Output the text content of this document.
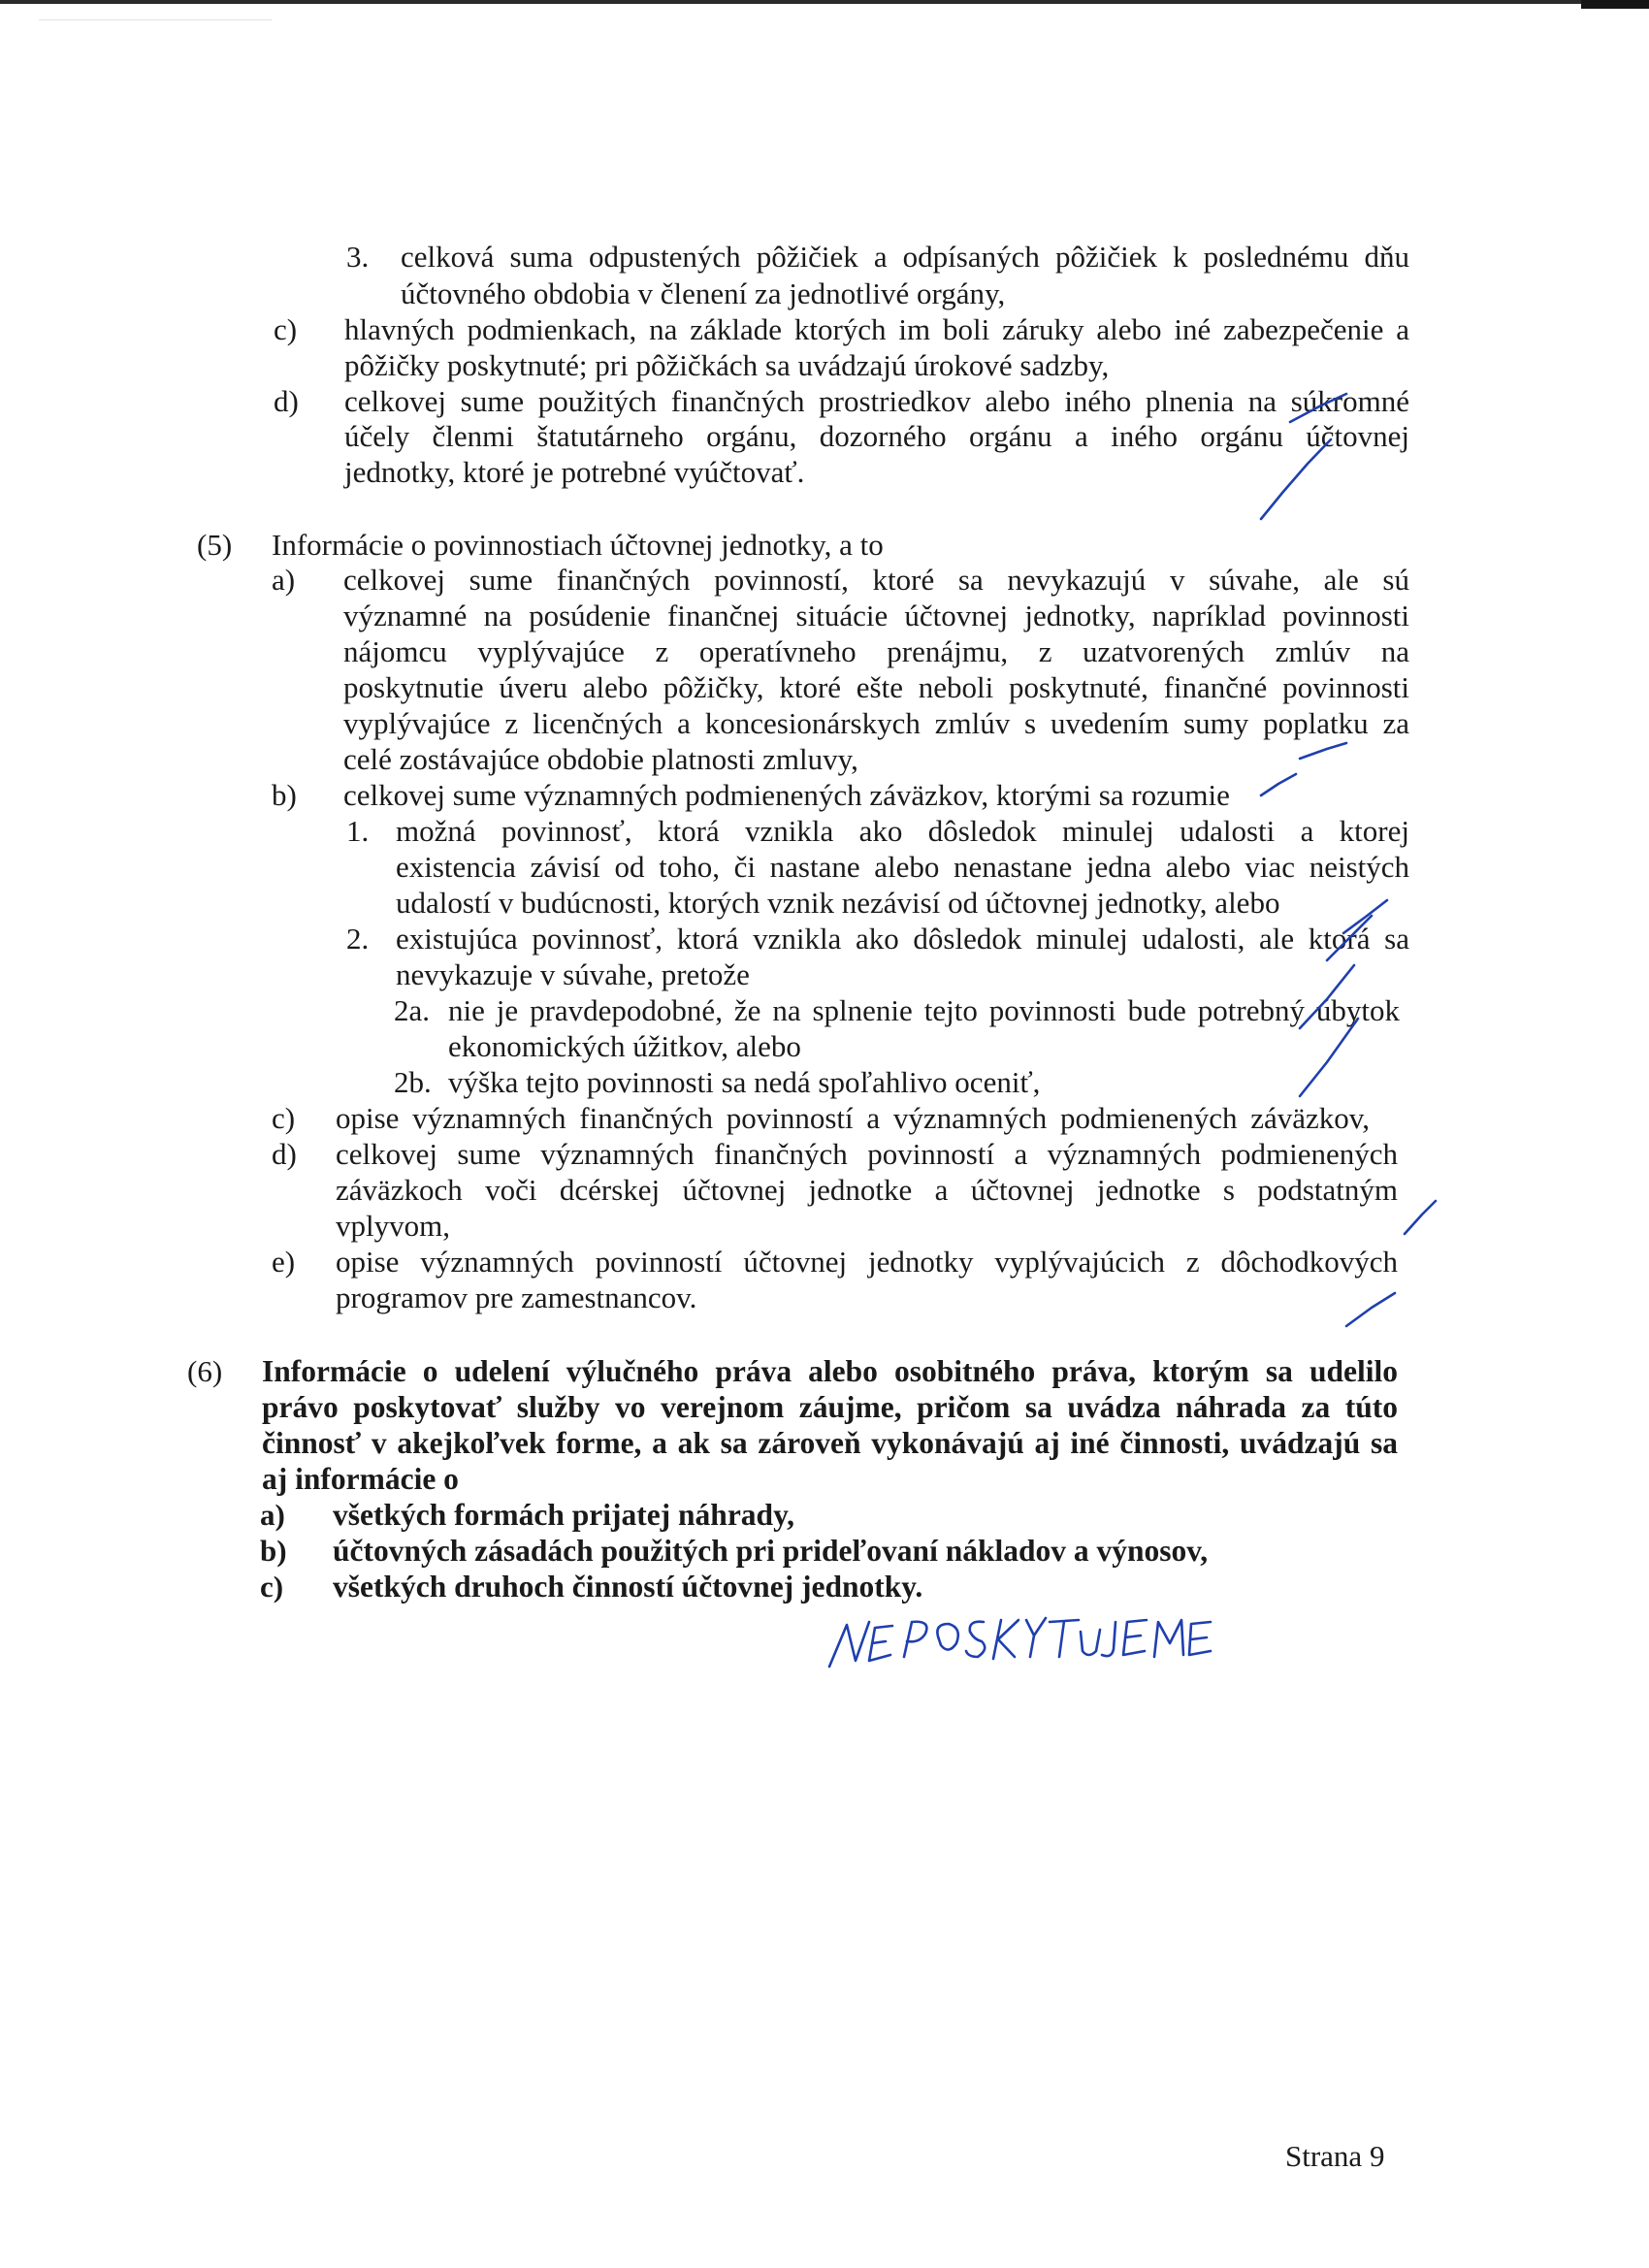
3. celková suma odpustených pôžičiek a odpísaných pôžičiek k poslednému dňu
účtovného obdobia v členení za jednotlivé orgány,
c) hlavných podmienkach, na základe ktorých im boli záruky alebo iné zabezpečenie a
pôžičky poskytnuté; pri pôžičkách sa uvádzajú úrokové sadzby,
d) celkovej sume použitých finančných prostriedkov alebo iného plnenia na súkromné
účely členmi štatutárneho orgánu, dozorného orgánu a iného orgánu účtovnej
jednotky, ktoré je potrebné vyúčtovať.
(5) Informácie o povinnostiach účtovnej jednotky, a to
a) celkovej sume finančných povinností, ktoré sa nevykazujú v súvahe, ale sú
významné na posúdenie finančnej situácie účtovnej jednotky, napríklad povinnosti
nájomcu vyplývajúce z operatívneho prenájmu, z uzatvorených zmlúv na
poskytnutie úveru alebo pôžičky, ktoré ešte neboli poskytnuté, finančné povinnosti
vyplývajúce z licenčných a koncesionárskych zmlúv s uvedením sumy poplatku za
celé zostávajúce obdobie platnosti zmluvy,
b) celkovej sume významných podmienených záväzkov, ktorými sa rozumie
1. možná povinnosť, ktorá vznikla ako dôsledok minulej udalosti a ktorej
existencia závisí od toho, či nastane alebo nenastane jedna alebo viac neistých
udalostí v budúcnosti, ktorých vznik nezávisí od účtovnej jednotky, alebo
2. existujúca povinnosť, ktorá vznikla ako dôsledok minulej udalosti, ale ktorá sa
nevykazuje v súvahe, pretože
2a. nie je pravdepodobné, že na splnenie tejto povinnosti bude potrebný úbytok
ekonomických úžitkov, alebo
2b. výška tejto povinnosti sa nedá spoľahlivo oceniť,
c) opise významných finančných povinností a významných podmienených záväzkov,
d) celkovej sume významných finančných povinností a významných podmienených
záväzkoch voči dcérskej účtovnej jednotke a účtovnej jednotke s podstatným
vplyvom,
e) opise významných povinností účtovnej jednotky vyplývajúcich z dôchodkových
programov pre zamestnancov.
(6) Informácie o udelení výlučného práva alebo osobitného práva, ktorým sa udelilo
právo poskytovať služby vo verejnom záujme, pričom sa uvádza náhrada za túto
činnosť v akejkoľvek forme, a ak sa zároveň vykonávajú aj iné činnosti, uvádzajú sa
aj informácie o
a) všetkých formách prijatej náhrady,
b) účtovných zásadách použitých pri prideľovaní nákladov a výnosov,
c) všetkých druhoch činností účtovnej jednotky.
Strana 9
